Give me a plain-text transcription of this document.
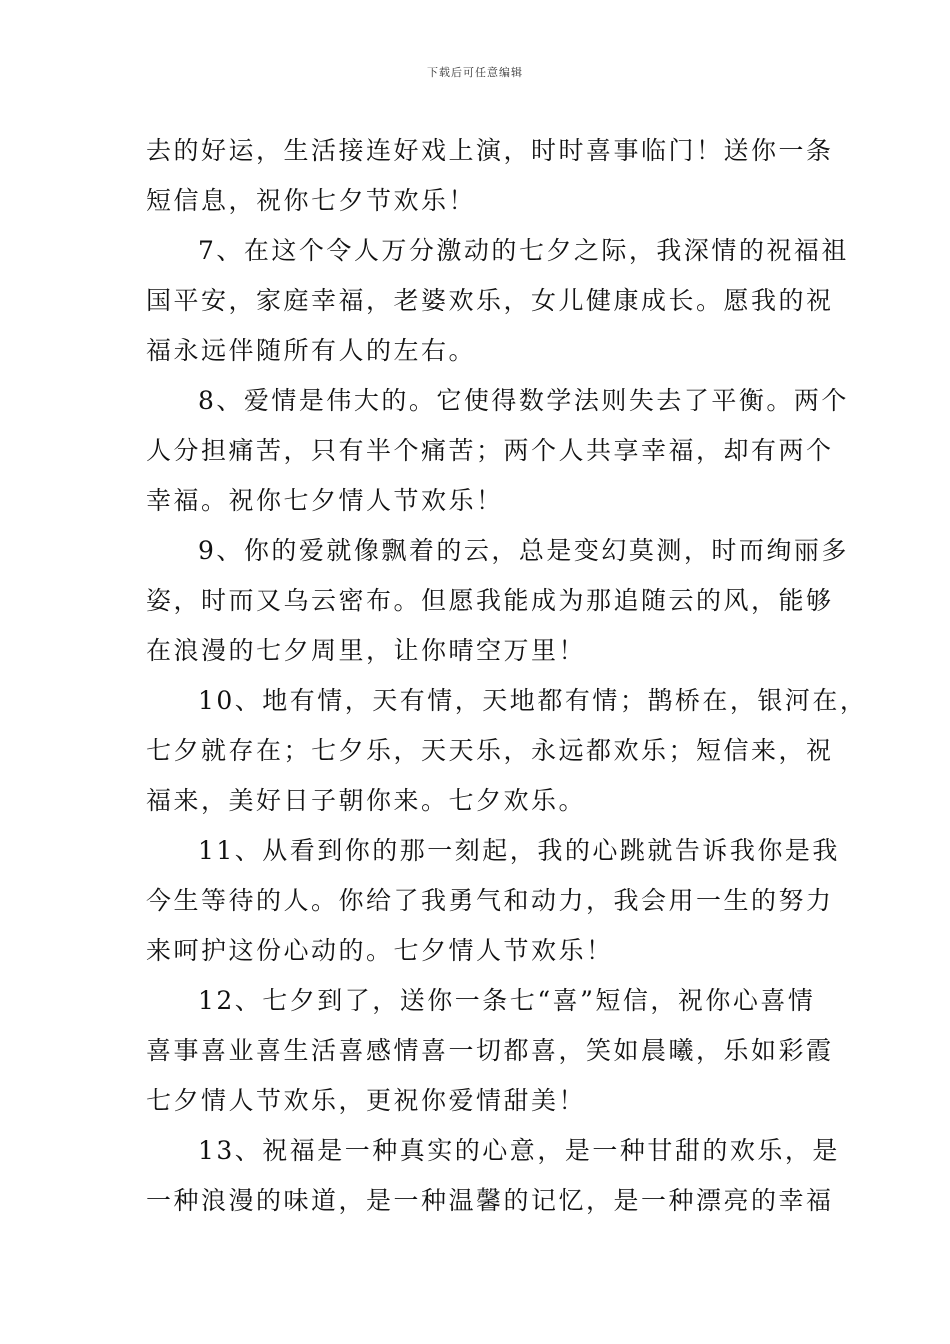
下载后可任意编辑

去的好运，生活接连好戏上演，时时喜事临门！送你一条
短信息，祝你七夕节欢乐！

7、在这个令人万分激动的七夕之际，我深情的祝福祖
国平安，家庭幸福，老婆欢乐，女儿健康成长。愿我的祝
福永远伴随所有人的左右。

8、爱情是伟大的。它使得数学法则失去了平衡。两个
人分担痛苦，只有半个痛苦；两个人共享幸福，却有两个
幸福。祝你七夕情人节欢乐！

9、你的爱就像飘着的云，总是变幻莫测，时而绚丽多
姿，时而又乌云密布。但愿我能成为那追随云的风，能够
在浪漫的七夕周里，让你晴空万里！

10、地有情，天有情，天地都有情；鹊桥在，银河在，
七夕就存在；七夕乐，天天乐，永远都欢乐；短信来，祝
福来，美好日子朝你来。七夕欢乐。

11、从看到你的那一刻起，我的心跳就告诉我你是我
今生等待的人。你给了我勇气和动力，我会用一生的努力
来呵护这份心动的。七夕情人节欢乐！

12、七夕到了，送你一条七“喜”短信，祝你心喜情
喜事喜业喜生活喜感情喜一切都喜，笑如晨曦，乐如彩霞
七夕情人节欢乐，更祝你爱情甜美！

13、祝福是一种真实的心意，是一种甘甜的欢乐，是
一种浪漫的味道，是一种温馨的记忆，是一种漂亮的幸福
